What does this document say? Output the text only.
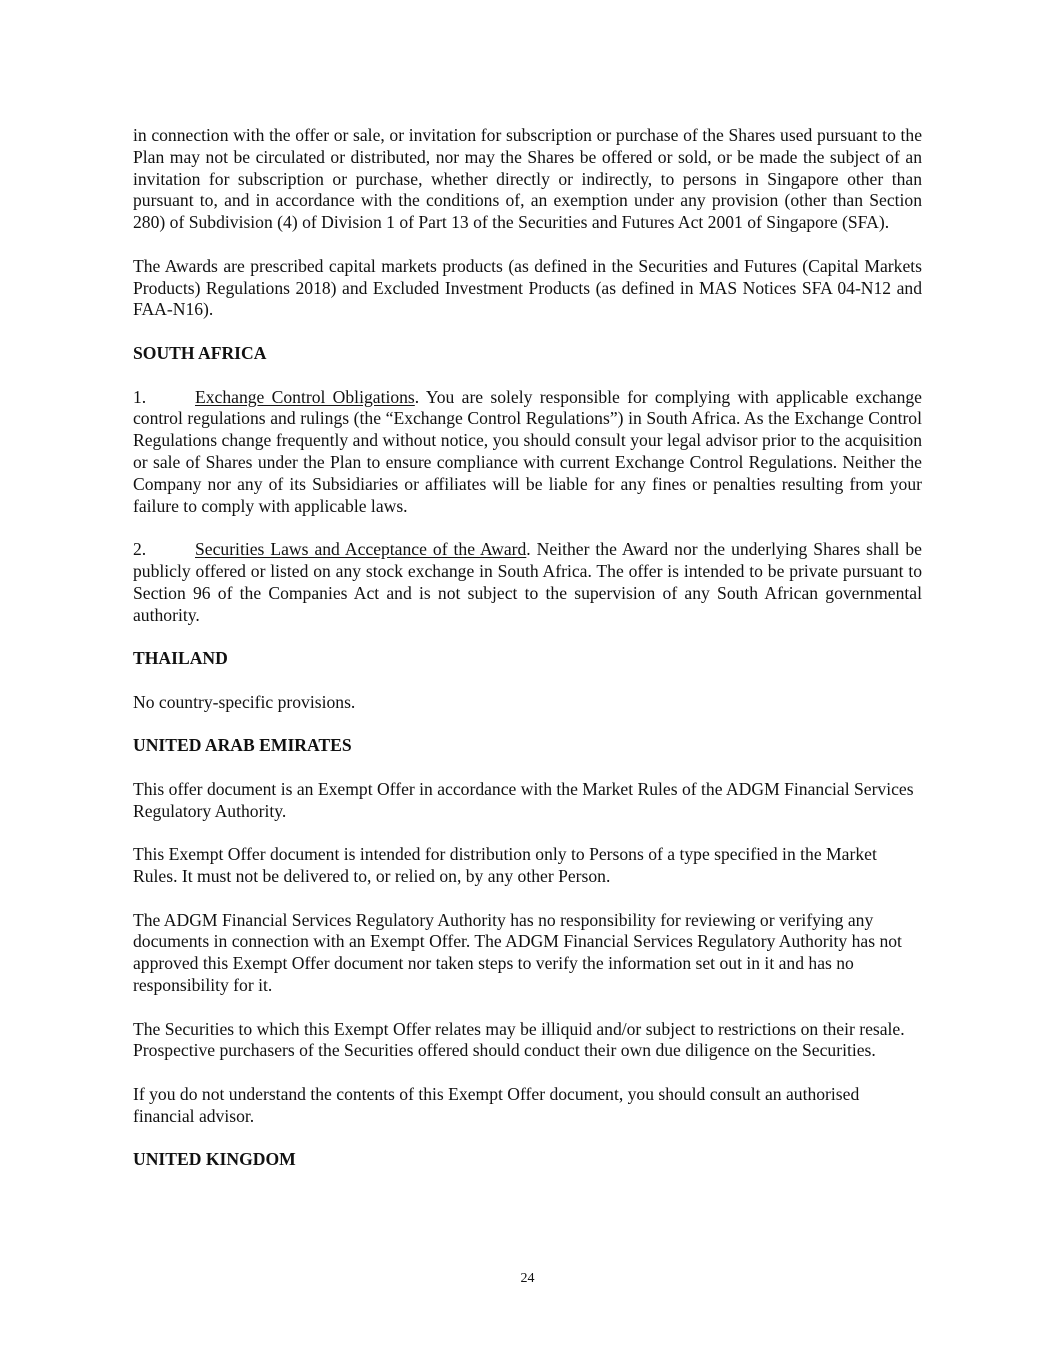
in connection with the offer or sale, or invitation for subscription or purchase of the Shares used pursuant to the Plan may not be circulated or distributed, nor may the Shares be offered or sold, or be made the subject of an invitation for subscription or purchase, whether directly or indirectly, to persons in Singapore other than pursuant to, and in accordance with the conditions of, an exemption under any provision (other than Section 280) of Subdivision (4) of Division 1 of Part 13 of the Securities and Futures Act 2001 of Singapore (SFA).

The Awards are prescribed capital markets products (as defined in the Securities and Futures (Capital Markets Products) Regulations 2018) and Excluded Investment Products (as defined in MAS Notices SFA 04-N12 and FAA-N16).

SOUTH AFRICA

1.	Exchange Control Obligations. You are solely responsible for complying with applicable exchange control regulations and rulings (the “Exchange Control Regulations”) in South Africa. As the Exchange Control Regulations change frequently and without notice, you should consult your legal advisor prior to the acquisition or sale of Shares under the Plan to ensure compliance with current Exchange Control Regulations. Neither the Company nor any of its Subsidiaries or affiliates will be liable for any fines or penalties resulting from your failure to comply with applicable laws.

2.	Securities Laws and Acceptance of the Award. Neither the Award nor the underlying Shares shall be publicly offered or listed on any stock exchange in South Africa. The offer is intended to be private pursuant to Section 96 of the Companies Act and is not subject to the supervision of any South African governmental authority.

THAILAND

No country-specific provisions.

UNITED ARAB EMIRATES

This offer document is an Exempt Offer in accordance with the Market Rules of the ADGM Financial Services Regulatory Authority.

This Exempt Offer document is intended for distribution only to Persons of a type specified in the Market Rules. It must not be delivered to, or relied on, by any other Person.

The ADGM Financial Services Regulatory Authority has no responsibility for reviewing or verifying any documents in connection with an Exempt Offer. The ADGM Financial Services Regulatory Authority has not approved this Exempt Offer document nor taken steps to verify the information set out in it and has no responsibility for it.

The Securities to which this Exempt Offer relates may be illiquid and/or subject to restrictions on their resale. Prospective purchasers of the Securities offered should conduct their own due diligence on the Securities.

If you do not understand the contents of this Exempt Offer document, you should consult an authorised financial advisor.

UNITED KINGDOM

24
